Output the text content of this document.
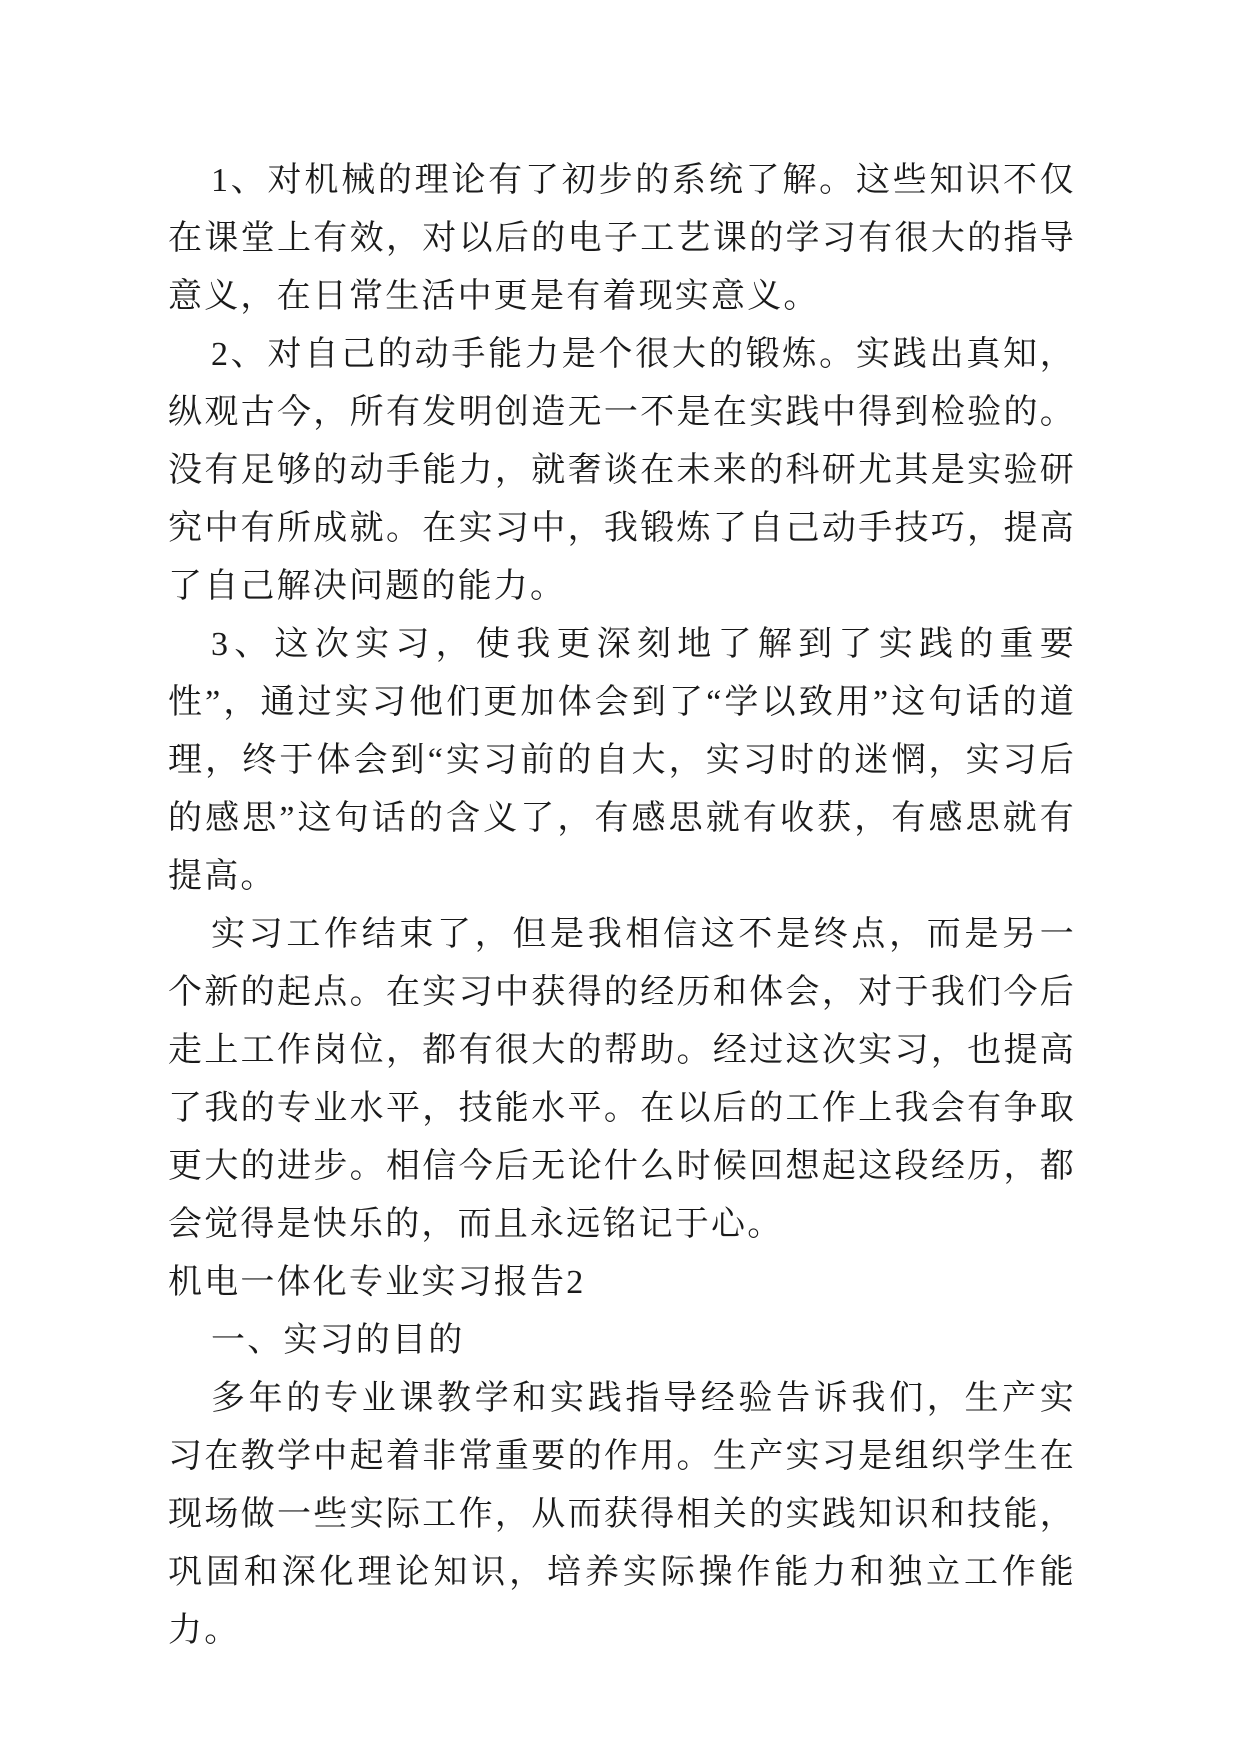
1、对机械的理论有了初步的系统了解。这些知识不仅在课堂上有效，对以后的电子工艺课的学习有很大的指导意义，在日常生活中更是有着现实意义。

2、对自己的动手能力是个很大的锻炼。实践出真知，纵观古今，所有发明创造无一不是在实践中得到检验的。没有足够的动手能力，就奢谈在未来的科研尤其是实验研究中有所成就。在实习中，我锻炼了自己动手技巧，提高了自己解决问题的能力。

3、这次实习，使我更深刻地了解到了实践的重要性”，通过实习他们更加体会到了“学以致用”这句话的道理，终于体会到“实习前的自大，实习时的迷惘，实习后的感思”这句话的含义了，有感思就有收获，有感思就有提高。

实习工作结束了，但是我相信这不是终点，而是另一个新的起点。在实习中获得的经历和体会，对于我们今后走上工作岗位，都有很大的帮助。经过这次实习，也提高了我的专业水平，技能水平。在以后的工作上我会有争取更大的进步。相信今后无论什么时候回想起这段经历，都会觉得是快乐的，而且永远铭记于心。

机电一体化专业实习报告2

一、实习的目的

多年的专业课教学和实践指导经验告诉我们，生产实习在教学中起着非常重要的作用。生产实习是组织学生在现场做一些实际工作，从而获得相关的实践知识和技能，巩固和深化理论知识，培养实际操作能力和独立工作能力。
